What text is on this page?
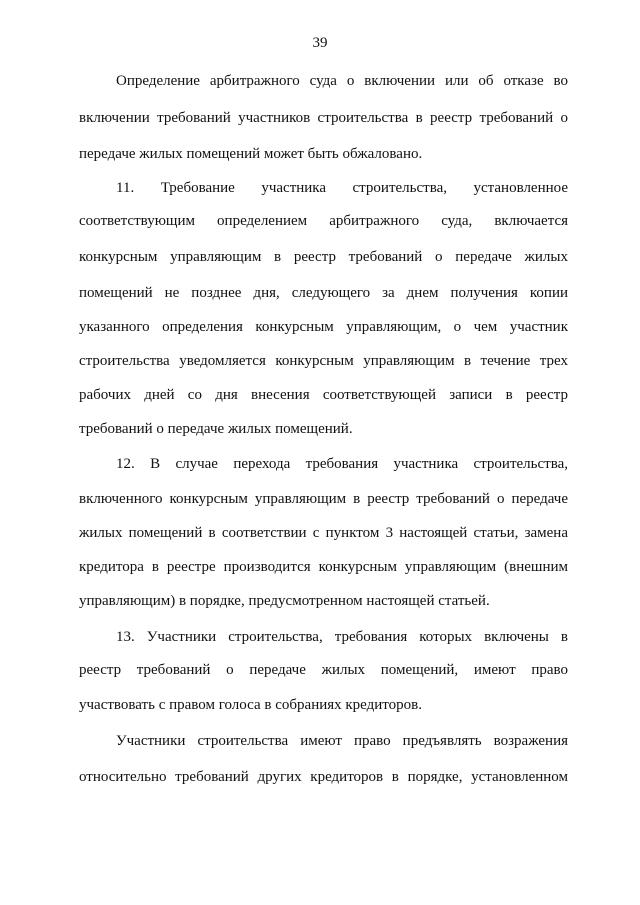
39
Определение арбитражного суда о включении или об отказе во
включении требований участников строительства в реестр требований о
передаче жилых помещений может быть обжаловано.
11. Требование участника строительства, установленное
соответствующим определением арбитражного суда, включается
конкурсным управляющим в реестр требований о передаче жилых
помещений не позднее дня, следующего за днем получения копии
указанного определения конкурсным управляющим, о чем участник
строительства уведомляется конкурсным управляющим в течение трех
рабочих дней со дня внесения соответствующей записи в реестр
требований о передаче жилых помещений.
12. В случае перехода требования участника строительства,
включенного конкурсным управляющим в реестр требований о передаче
жилых помещений в соответствии с пунктом 3 настоящей статьи, замена
кредитора в реестре производится конкурсным управляющим (внешним
управляющим) в порядке, предусмотренном настоящей статьей.
13. Участники строительства, требования которых включены в
реестр требований о передаче жилых помещений, имеют право
участвовать с правом голоса в собраниях кредиторов.
Участники строительства имеют право предъявлять возражения
относительно требований других кредиторов в порядке, установленном
